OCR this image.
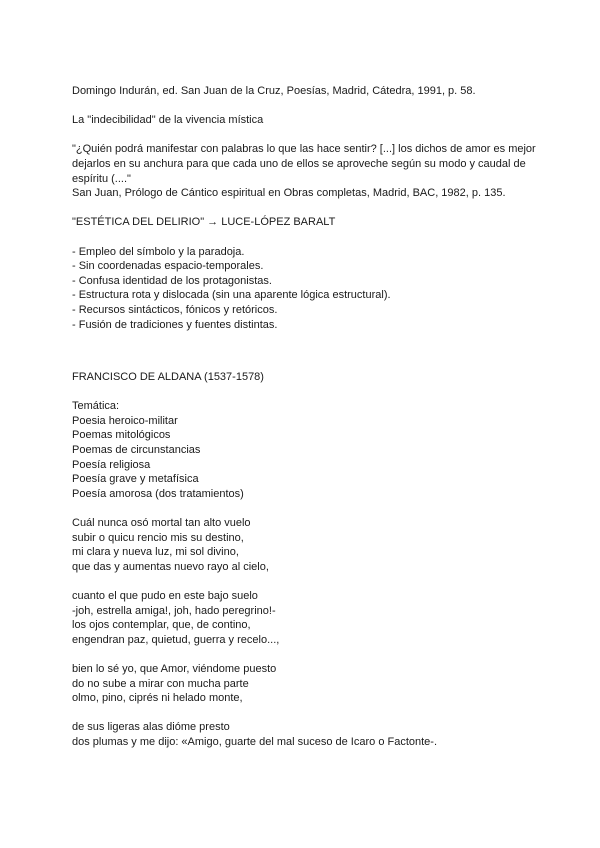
Domingo Indurán, ed. San Juan de la Cruz, Poesías, Madrid, Cátedra, 1991, p. 58.
La "indecibilidad" de la vivencia mística
"¿Quién podrá manifestar con palabras lo que las hace sentir? [...] los dichos de amor es mejor dejarlos en su anchura para que cada uno de ellos se aproveche según su modo y caudal de espíritu (...."
San Juan, Prólogo de Cántico espiritual en Obras completas, Madrid, BAC, 1982, p. 135.
"ESTÉTICA DEL DELIRIO" → LUCE-LÓPEZ BARALT
- Empleo del símbolo y la paradoja.
- Sin coordenadas espacio-temporales.
- Confusa identidad de los protagonistas.
- Estructura rota y dislocada (sin una aparente lógica estructural).
- Recursos sintácticos, fónicos y retóricos.
- Fusión de tradiciones y fuentes distintas.
FRANCISCO DE ALDANA (1537-1578)
Temática:
Poesia heroico-militar
Poemas mitológicos
Poemas de circunstancias
Poesía religiosa
Poesía grave y metafísica
Poesía amorosa (dos tratamientos)
Cuál nunca osó mortal tan alto vuelo
subir o quicu rencio mis su destino,
mi clara y nueva luz, mi sol divino,
que das y aumentas nuevo rayo al cielo,
cuanto el que pudo en este bajo suelo
-joh, estrella amiga!, joh, hado peregrino!-
los ojos contemplar, que, de contino,
engendran paz, quietud, guerra y recelo...,
bien lo sé yo, que Amor, viéndome puesto
do no sube a mirar con mucha parte
olmo, pino, ciprés ni helado monte,
de sus ligeras alas dióme presto
dos plumas y me dijo: «Amigo, guarte del mal suceso de Icaro o Factonte-.
